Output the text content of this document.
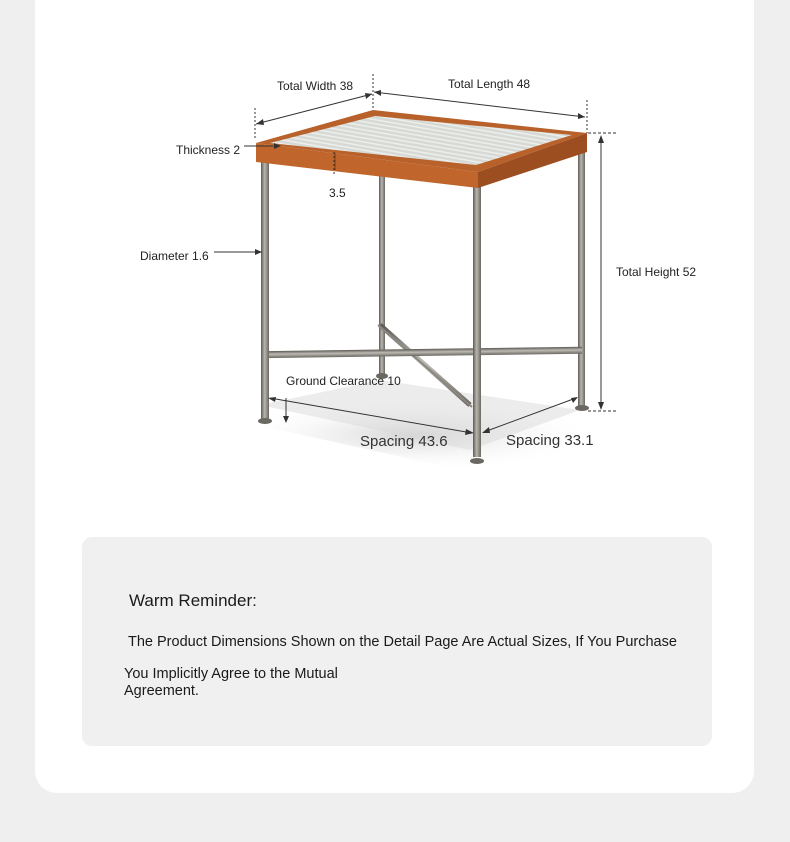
Total Width 38	Total Length 48
Thickness 2
3.5
Diameter 1.6
Total Height 52
Ground Clearance 10
Spacing 43.6	Spacing 33.1
Warm Reminder:
The Product Dimensions Shown on the Detail Page Are Actual Sizes, If You Purchase
You Implicitly Agree to the Mutual Agreement.
